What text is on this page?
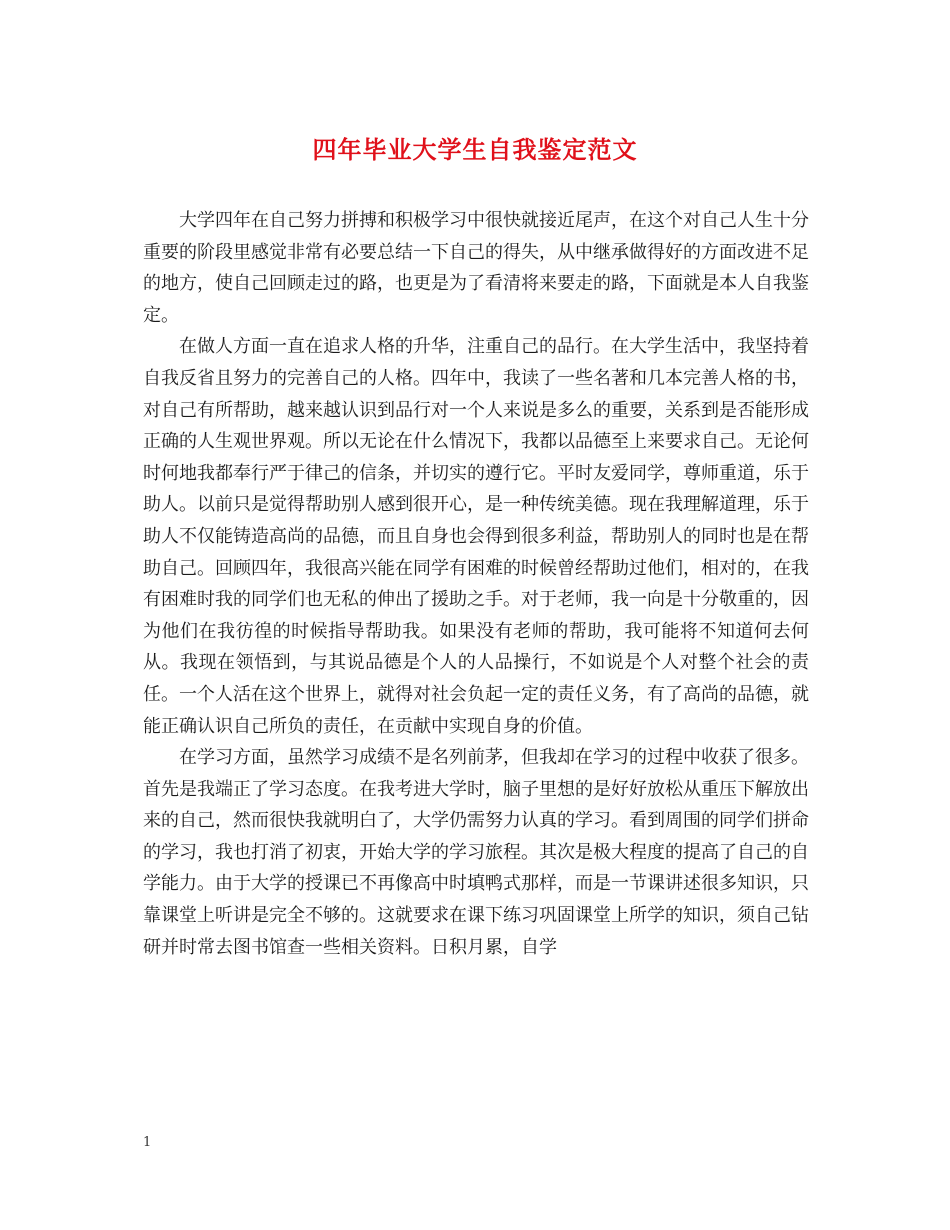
四年毕业大学生自我鉴定范文

大学四年在自己努力拼搏和积极学习中很快就接近尾声，在这个对自己人生十分重要的阶段里感觉非常有必要总结一下自己的得失，从中继承做得好的方面改进不足的地方，使自己回顾走过的路，也更是为了看清将来要走的路，下面就是本人自我鉴定。

在做人方面一直在追求人格的升华，注重自己的品行。在大学生活中，我坚持着自我反省且努力的完善自己的人格。四年中，我读了一些名著和几本完善人格的书，对自己有所帮助，越来越认识到品行对一个人来说是多么的重要，关系到是否能形成正确的人生观世界观。所以无论在什么情况下，我都以品德至上来要求自己。无论何时何地我都奉行严于律己的信条，并切实的遵行它。平时友爱同学，尊师重道，乐于助人。以前只是觉得帮助别人感到很开心，是一种传统美德。现在我理解道理，乐于助人不仅能铸造高尚的品德，而且自身也会得到很多利益，帮助别人的同时也是在帮助自己。回顾四年，我很高兴能在同学有困难的时候曾经帮助过他们，相对的，在我有困难时我的同学们也无私的伸出了援助之手。对于老师，我一向是十分敬重的，因为他们在我彷徨的时候指导帮助我。如果没有老师的帮助，我可能将不知道何去何从。我现在领悟到，与其说品德是个人的人品操行，不如说是个人对整个社会的责任。一个人活在这个世界上，就得对社会负起一定的责任义务，有了高尚的品德，就能正确认识自己所负的责任，在贡献中实现自身的价值。

在学习方面，虽然学习成绩不是名列前茅，但我却在学习的过程中收获了很多。首先是我端正了学习态度。在我考进大学时，脑子里想的是好好放松从重压下解放出来的自己，然而很快我就明白了，大学仍需努力认真的学习。看到周围的同学们拼命的学习，我也打消了初衷，开始大学的学习旅程。其次是极大程度的提高了自己的自学能力。由于大学的授课已不再像高中时填鸭式那样，而是一节课讲述很多知识，只靠课堂上听讲是完全不够的。这就要求在课下练习巩固课堂上所学的知识，须自己钻研并时常去图书馆查一些相关资料。日积月累，自学

1
